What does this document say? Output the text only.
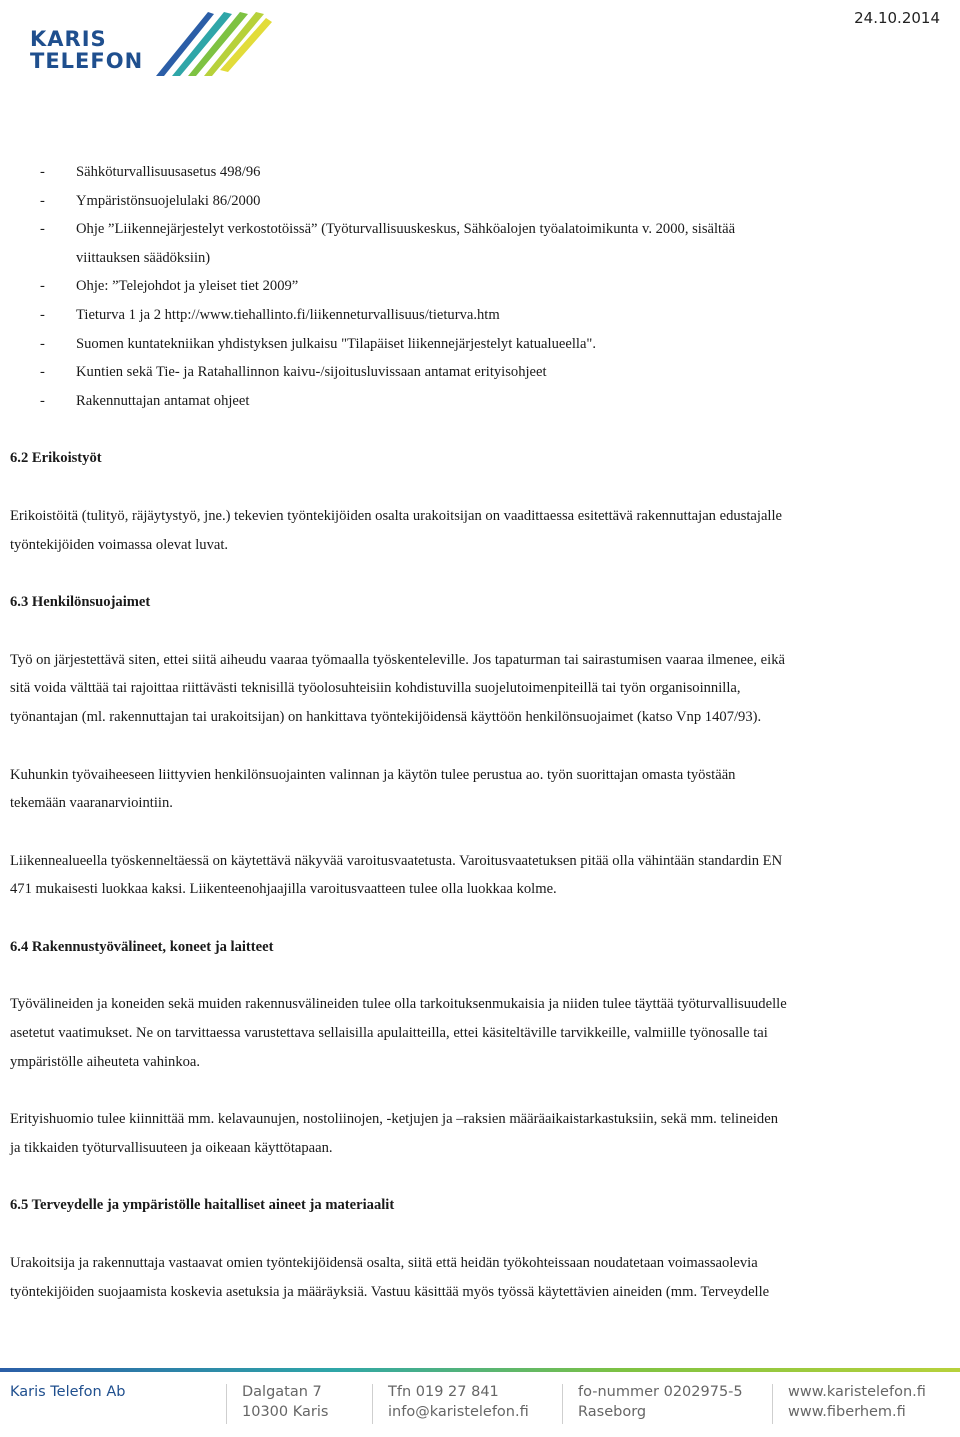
KARIS
TELEFON
24.10.2014
- Sähköturvallisuusasetus 498/96
- Ympäristönsuojelulaki 86/2000
- Ohje ”Liikennejärjestelyt verkostotöissä” (Työturvallisuuskeskus, Sähköalojen työalatoimikunta v. 2000, sisältää
viittauksen säädöksiin)
- Ohje: ”Telejohdot ja yleiset tiet 2009”
- Tieturva 1 ja 2 http://www.tiehallinto.fi/liikenneturvallisuus/tieturva.htm
- Suomen kuntatekniikan yhdistyksen julkaisu "Tilapäiset liikennejärjestelyt katualueella".
- Kuntien sekä Tie- ja Ratahallinnon kaivu-/sijoitusluvissaan antamat erityisohjeet
- Rakennuttajan antamat ohjeet
6.2 Erikoistyöt
Erikoistöitä (tulityö, räjäytystyö, jne.) tekevien työntekijöiden osalta urakoitsijan on vaadittaessa esitettävä rakennuttajan edustajalle
työntekijöiden voimassa olevat luvat.
6.3 Henkilönsuojaimet
Työ on järjestettävä siten, ettei siitä aiheudu vaaraa työmaalla työskenteleville. Jos tapaturman tai sairastumisen vaaraa ilmenee, eikä
sitä voida välttää tai rajoittaa riittävästi teknisillä työolosuhteisiin kohdistuvilla suojelutoimenpiteillä tai työn organisoinnilla,
työnantajan (ml. rakennuttajan tai urakoitsijan) on hankittava työntekijöidensä käyttöön henkilönsuojaimet (katso Vnp 1407/93).
Kuhunkin työvaiheeseen liittyvien henkilönsuojainten valinnan ja käytön tulee perustua ao. työn suorittajan omasta työstään
tekemään vaaranarviointiin.
Liikennealueella työskenneltäessä on käytettävä näkyvää varoitusvaatetusta. Varoitusvaatetuksen pitää olla vähintään standardin EN
471 mukaisesti luokkaa kaksi. Liikenteenohjaajilla varoitusvaatteen tulee olla luokkaa kolme.
6.4 Rakennustyövälineet, koneet ja laitteet
Työvälineiden ja koneiden sekä muiden rakennusvälineiden tulee olla tarkoituksenmukaisia ja niiden tulee täyttää työturvallisuudelle
asetetut vaatimukset. Ne on tarvittaessa varustettava sellaisilla apulaitteilla, ettei käsiteltäville tarvikkeille, valmiille työnosalle tai
ympäristölle aiheuteta vahinkoa.
Erityishuomio tulee kiinnittää mm. kelavaunujen, nostoliinojen, -ketjujen ja –raksien määräaikaistarkastuksiin, sekä mm. telineiden
ja tikkaiden työturvallisuuteen ja oikeaan käyttötapaan.
6.5 Terveydelle ja ympäristölle haitalliset aineet ja materiaalit
Urakoitsija ja rakennuttaja vastaavat omien työntekijöidensä osalta, siitä että heidän työkohteissaan noudatetaan voimassaolevia
työntekijöiden suojaamista koskevia asetuksia ja määräyksiä. Vastuu käsittää myös työssä käytettävien aineiden (mm. Terveydelle
Karis Telefon Ab	Dalgatan 7
10300 Karis
Tfn 019 27 841
info@karistelefon.fi
fo-nummer 0202975-5
Raseborg
www.karistelefon.fi
www.fiberhem.fi
